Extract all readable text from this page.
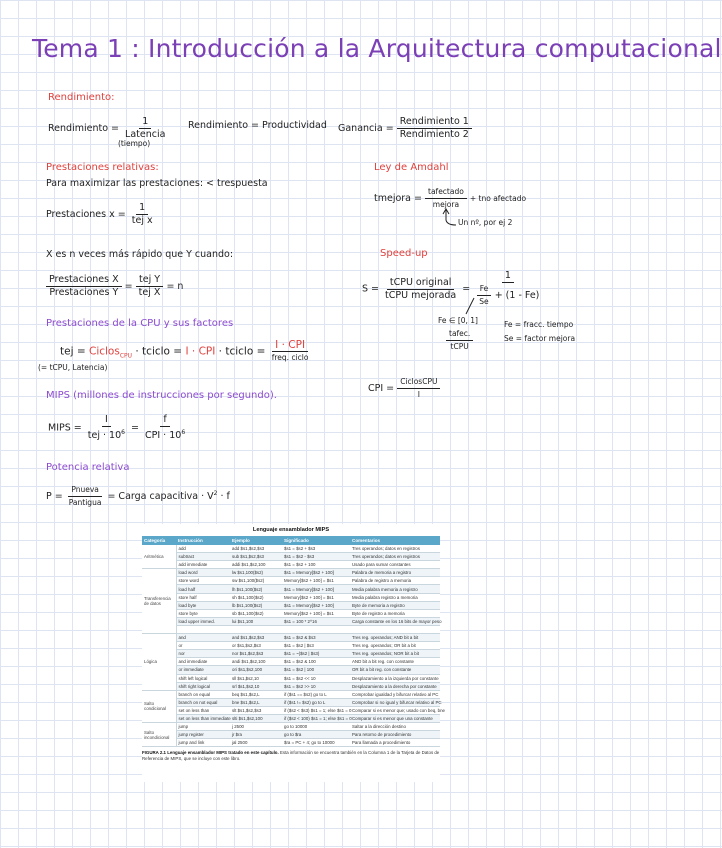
Tema 1 : Introducción a la Arquitectura computacional
Rendimiento:
Rendimiento = $\frac{1}{\text{Latencia}}$
(tiempo)
Rendimiento = Productividad Ganancia = $\frac{\text{Rendimiento 1}}{\text{Rendimiento 2}}$
Prestaciones relativas:
Para maximizar las prestaciones: < trespuesta
Prestaciones $x = \frac{1}{\text{tej x}}$
X es n veces más rápido que Y cuando:
$\frac{\text{Prestaciones X}}{\text{Prestaciones Y}} = \frac{\text{tej Y}}{\text{tej X}} = n$
Prestaciones de la CPU y sus factores
tej = Ciclos$_{CPU}$ · tciclo = I · CPI · tciclo = $\frac{\text{I · CPI}}{\text{freq. ciclo}}$
(= tCPU, Latencia)
MIPS (millones de instrucciones por segundo).
MIPS = $\frac{I}{tej \cdot 10^6} = \frac{f}{CPI \cdot 10^6}$
Potencia relativa
$P = \frac{\text{Pnueva}}{\text{Pantigua}}$ = Carga capacitiva · $V^2 \cdot f$
Ley de Amdahl
tmejora = $\frac{\text{tafectado}}{\text{mejora}}$ + tno afectado
Un nº, por ej 2
Speed-up
$S = \frac{\text{tCPU original}}{\text{tCPU mejorada}} = \frac{1}{\frac{Fe}{Se} + (1 - Fe)}$
Fe ∈ [0, 1]
$\frac{\text{tafec.}}{\text{tCPU}}$
Fe = fracc. tiempo
Se = factor mejora
CPI = $\frac{\text{CiclosCPU}}{I}$
Lenguaje ensamblador MIPS
Categoría	Instrucción	Ejemplo	Significado	Comentarios
Aritmética	add	add $s1,$s2,$s3	$s1 = $s2 + $s3	Tres operandos; datos en registros
	subtract	sub $s1,$s2,$s3	$s1 = $s2 - $s3	Tres operandos; datos en registros
	add immediate	addi $s1,$s2,100	$s1 = $s2 + 100	Usado para sumar constantes
Transferencia de datos	load word	lw $s1,100($s2)	$s1 = Memory[$s2 + 100]	Palabra de memoria a registro
	store word	sw $s1,100($s2)	Memory[$s2 + 100] = $s1	Palabra de registro a memoria
	load half	lh $s1,100($s2)	$s1 = Memory[$s2 + 100]	Media palabra memoria a registro
	store half	sh $s1,100($s2)	Memory[$s2 + 100] = $s1	Media palabra registro a memoria
	load byte	lb $s1,100($s2)	$s1 = Memory[$s2 + 100]	Byte de memoria a registro
	store byte	sb $s1,100($s2)	Memory[$s2 + 100] = $s1	Byte de registro a memoria
	load upper immed.	lui $s1,100	$s1 = 100 * 2^16	Carga constante en los 16 bits de mayor peso

Lógica	and	and $s1,$s2,$s3	$s1 = $s2 & $s3	Tres reg. operandos; AND bit a bit
	or	or $s1,$s2,$s3	$s1 = $s2 | $s3	Tres reg. operandos; OR bit a bit
	nor	nor $s1,$s2,$s3	$s1 = ~($s2 | $s3)	Tres reg. operandos; NOR bit a bit
	and immediate	andi $s1,$s2,100	$s1 = $s2 & 100	AND bit a bit reg. con constante
	or immediate	ori $s1,$s2,100	$s1 = $s2 | 100	OR bit a bit reg. con constante
	shift left logical	sll $s1,$s2,10	$s1 = $s2 << 10	Desplazamiento a la izquierda por constante
	shift right logical	srl $s1,$s2,10	$s1 = $s2 >> 10	Desplazamiento a la derecha por constante
Salto condicional	branch on equal	beq $s1,$s2,L	if ($s1 == $s2) go to L	Comprobar igualdad y bifurcar relativo al PC
	branch on not equal	bne $s1,$s2,L	if ($s1 != $s2) go to L	Comprobar si no igual y bifurcar relativo al PC
	set on less than	slt $s1,$s2,$s3	if ($s2 < $s3) $s1 = 1; else $s1 = 0	Comparar si es menor que; usado con beq, bne
	set on less than immediate	slti $s1,$s2,100	if ($s2 < 100) $s1 = 1; else $s1 = 0	Comparar si es menor que una constante
Salto incondicional	jump	j 2500	go to 10000	Saltar a la dirección destino
	jump register	jr $ra	go to $ra	Para retorno de procedimiento
	jump and link	jal 2500	$ra = PC + 4; go to 10000	Para llamada a procedimiento
FIGURA 2.1 Lenguaje ensamblador MIPS tratado en este capítulo. Esta información se encuentra también en la Columna 1 de la Tarjeta de Datos de Referencia de MIPS, que se incluye con este libro.
